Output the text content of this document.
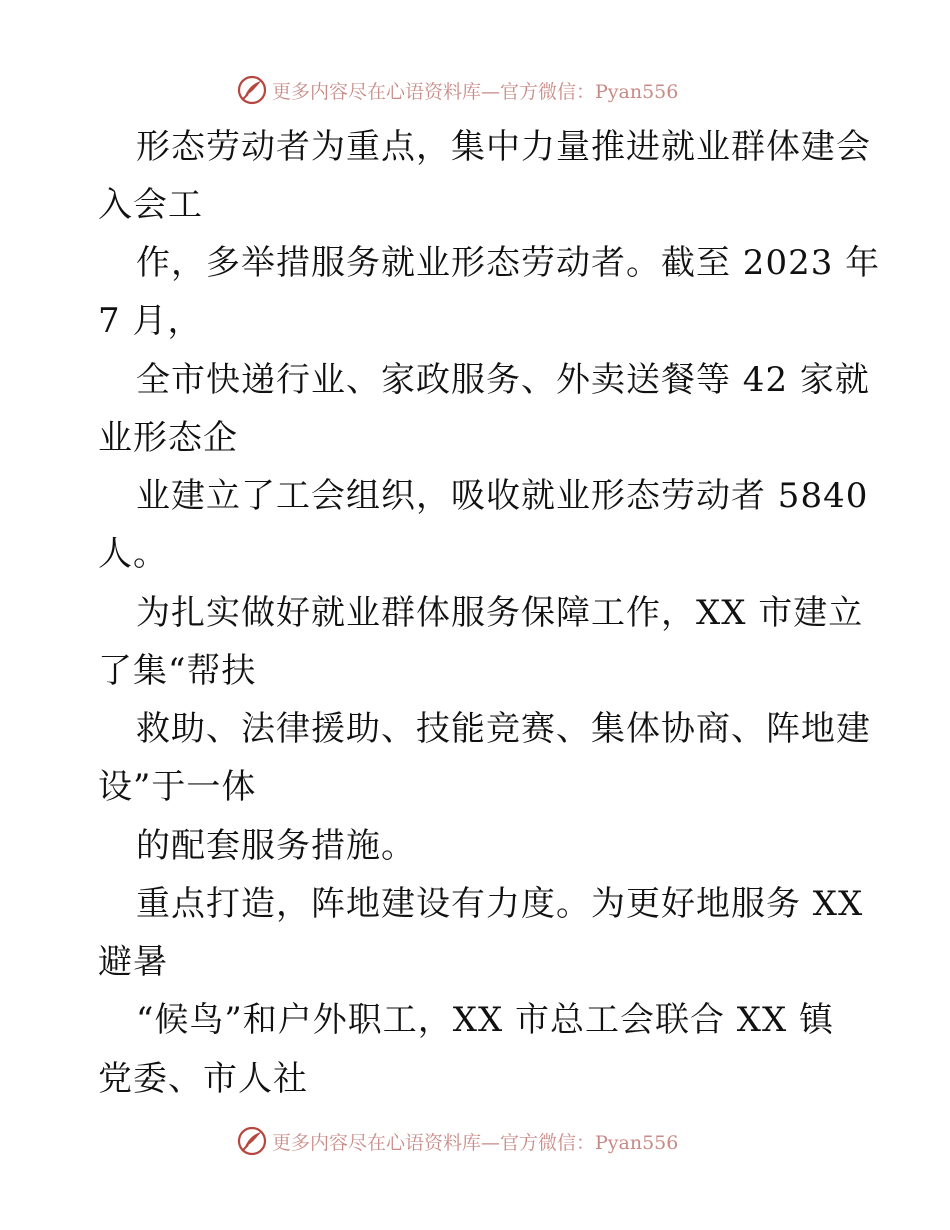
更多内容尽在心语资料库—官方微信：Pyan556
形态劳动者为重点，集中力量推进就业群体建会
入会工
作，多举措服务就业形态劳动者。截至 2023 年
7 月，
全市快递行业、家政服务、外卖送餐等 42 家就
业形态企
业建立了工会组织，吸收就业形态劳动者 5840
人。
为扎实做好就业群体服务保障工作，XX 市建立
了集“帮扶
救助、法律援助、技能竞赛、集体协商、阵地建
设”于一体
的配套服务措施。
重点打造，阵地建设有力度。为更好地服务 XX
避暑
“候鸟”和户外职工，XX 市总工会联合 XX 镇
党委、市人社
更多内容尽在心语资料库—官方微信：Pyan556
